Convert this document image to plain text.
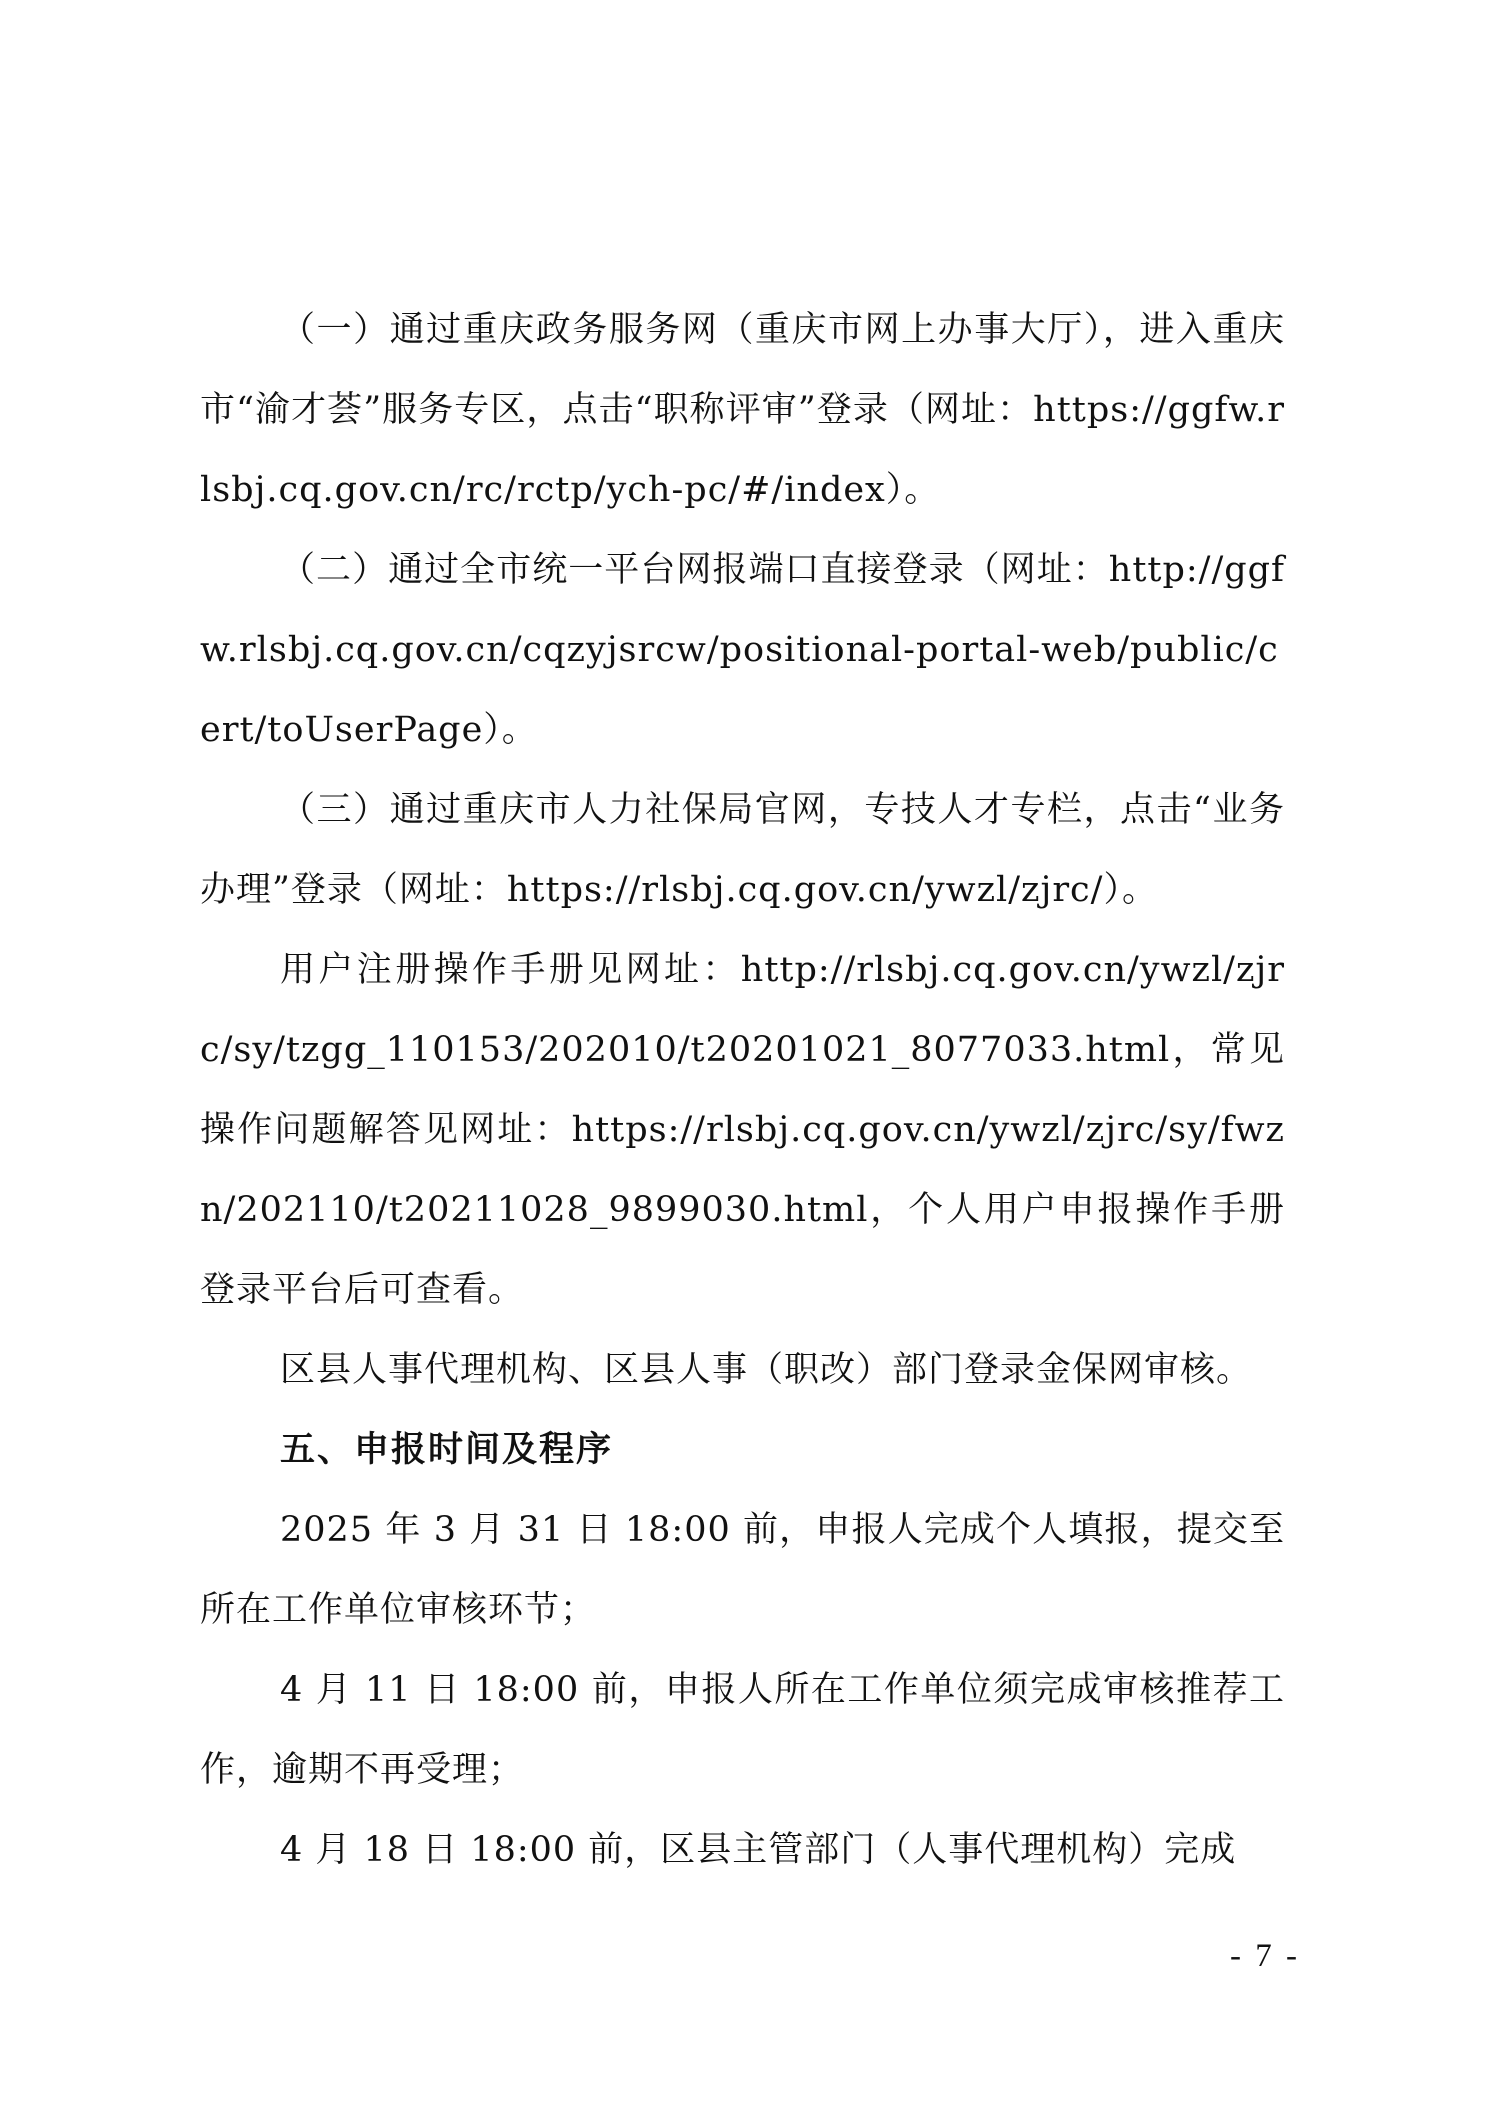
（一）通过重庆政务服务网（重庆市网上办事大厅），进入重庆市“渝才荟”服务专区，点击“职称评审”登录（网址：https://ggfw.rlsbj.cq.gov.cn/rc/rctp/ych-pc/#/index）。

（二）通过全市统一平台网报端口直接登录（网址：http://ggfw.rlsbj.cq.gov.cn/cqzyjsrcw/positional-portal-web/public/cert/toUserPage）。

（三）通过重庆市人力社保局官网，专技人才专栏，点击“业务办理”登录（网址：https://rlsbj.cq.gov.cn/ywzl/zjrc/）。

用户注册操作手册见网址：http://rlsbj.cq.gov.cn/ywzl/zjrc/sy/tzgg_110153/202010/t20201021_8077033.html，常见操作问题解答见网址：https://rlsbj.cq.gov.cn/ywzl/zjrc/sy/fwzn/202110/t20211028_9899030.html，个人用户申报操作手册登录平台后可查看。

区县人事代理机构、区县人事（职改）部门登录金保网审核。

五、申报时间及程序

2025 年 3 月 31 日 18:00 前，申报人完成个人填报，提交至所在工作单位审核环节；

4 月 11 日 18:00 前，申报人所在工作单位须完成审核推荐工作，逾期不再受理；

4 月 18 日 18:00 前，区县主管部门（人事代理机构）完成

- 7 -
